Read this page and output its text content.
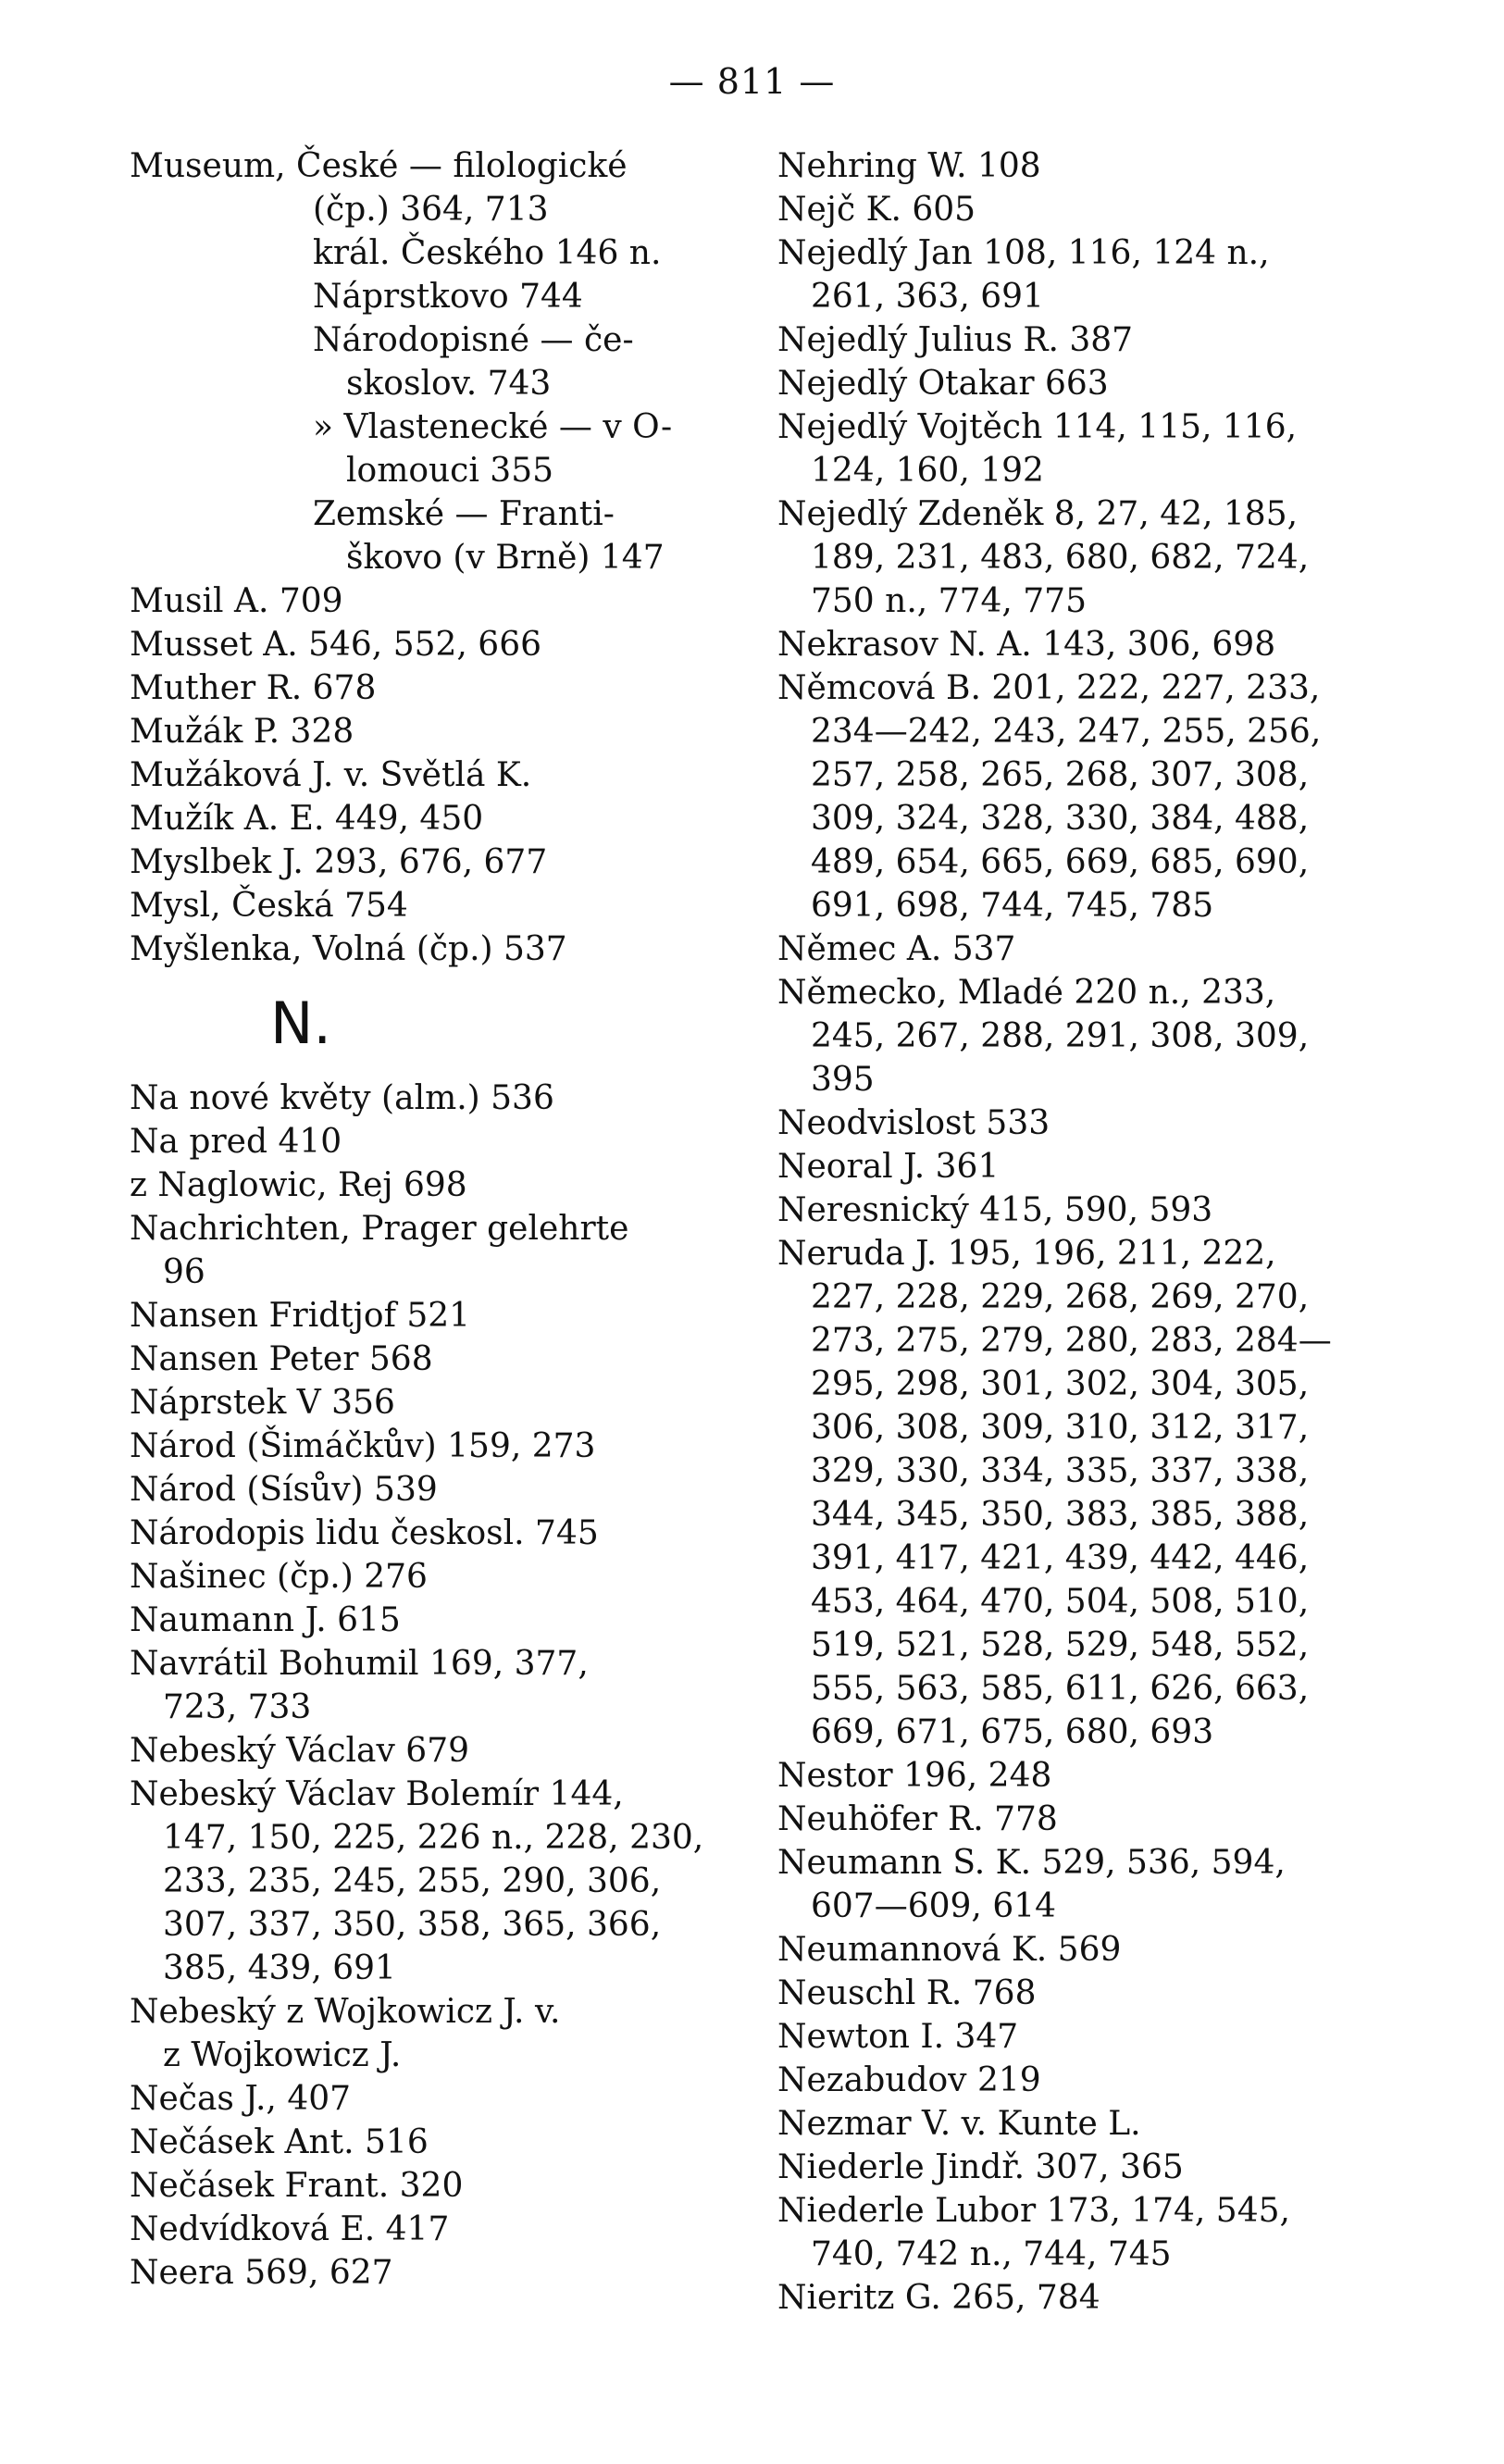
— 811 —
Museum, České — filologické
(čp.) 364, 713
král. Českého 146 n.
Náprstkovo 744
Národopisné — če-
skoslov. 743
» Vlastenecké — v O-
lomouci 355
Zemské — Franti-
škovo (v Brně) 147
Musil A. 709
Musset A. 546, 552, 666
Muther R. 678
Mužák P. 328
Mužáková J. v. Světlá K.
Mužík A. E. 449, 450
Myslbek J. 293, 676, 677
Mysl, Česká 754
Myšlenka, Volná (čp.) 537
N.
Na nové květy (alm.) 536
Na pred 410
z Naglowic, Rej 698
Nachrichten, Prager gelehrte
96
Nansen Fridtjof 521
Nansen Peter 568
Náprstek V 356
Národ (Šimáčkův) 159, 273
Národ (Sísův) 539
Národopis lidu českosl. 745
Našinec (čp.) 276
Naumann J. 615
Navrátil Bohumil 169, 377,
723, 733
Nebeský Václav 679
Nebeský Václav Bolemír 144,
147, 150, 225, 226 n., 228, 230,
233, 235, 245, 255, 290, 306,
307, 337, 350, 358, 365, 366,
385, 439, 691
Nebeský z Wojkowicz J. v.
z Wojkowicz J.
Nečas J., 407
Nečásek Ant. 516
Nečásek Frant. 320
Nedvídková E. 417
Neera 569, 627
Nehring W. 108
Nejč K. 605
Nejedlý Jan 108, 116, 124 n.,
261, 363, 691
Nejedlý Julius R. 387
Nejedlý Otakar 663
Nejedlý Vojtěch 114, 115, 116,
124, 160, 192
Nejedlý Zdeněk 8, 27, 42, 185,
189, 231, 483, 680, 682, 724,
750 n., 774, 775
Nekrasov N. A. 143, 306, 698
Němcová B. 201, 222, 227, 233,
234—242, 243, 247, 255, 256,
257, 258, 265, 268, 307, 308,
309, 324, 328, 330, 384, 488,
489, 654, 665, 669, 685, 690,
691, 698, 744, 745, 785
Němec A. 537
Německo, Mladé 220 n., 233,
245, 267, 288, 291, 308, 309,
395
Neodvislost 533
Neoral J. 361
Neresnický 415, 590, 593
Neruda J. 195, 196, 211, 222,
227, 228, 229, 268, 269, 270,
273, 275, 279, 280, 283, 284—
295, 298, 301, 302, 304, 305,
306, 308, 309, 310, 312, 317,
329, 330, 334, 335, 337, 338,
344, 345, 350, 383, 385, 388,
391, 417, 421, 439, 442, 446,
453, 464, 470, 504, 508, 510,
519, 521, 528, 529, 548, 552,
555, 563, 585, 611, 626, 663,
669, 671, 675, 680, 693
Nestor 196, 248
Neuhöfer R. 778
Neumann S. K. 529, 536, 594,
607—609, 614
Neumannová K. 569
Neuschl R. 768
Newton I. 347
Nezabudov 219
Nezmar V. v. Kunte L.
Niederle Jindř. 307, 365
Niederle Lubor 173, 174, 545,
740, 742 n., 744, 745
Nieritz G. 265, 784
